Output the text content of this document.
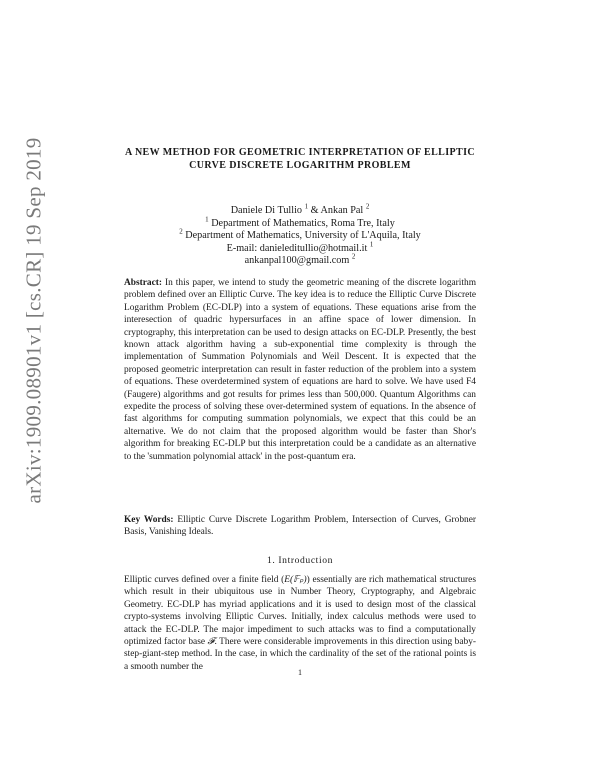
arXiv:1909.08901v1 [cs.CR] 19 Sep 2019	A NEW METHOD FOR GEOMETRIC INTERPRETATION OF ELLIPTIC
CURVE DISCRETE LOGARITHM PROBLEM
Daniele Di Tullio $^1$ & Ankan Pal $^2$
$^1$ Department of Mathematics, Roma Tre, Italy
$^2$ Department of Mathematics, University of L'Aquila, Italy
E-mail: danieleditullio@hotmail.it $^1$
ankanpal100@gmail.com $^2$
Abstract: In this paper, we intend to study the geometric meaning of the discrete logarithm problem defined over an Elliptic Curve. The key idea is to reduce the Elliptic Curve Discrete Logarithm Problem (EC-DLP) into a system of equations. These equations arise from the interesection of quadric hypersurfaces in an affine space of lower dimension. In cryptography, this interpretation can be used to design attacks on EC-DLP. Presently, the best known attack algorithm having a sub-exponential time complexity is through the implementation of Summation Polynomials and Weil Descent. It is expected that the proposed geometric interpretation can result in faster reduction of the problem into a system of equations. These overdetermined system of equations are hard to solve. We have used F4 (Faugere) algorithms and got results for primes less than 500,000. Quantum Algorithms can expedite the process of solving these over-determined system of equations. In the absence of fast algorithms for computing summation polynomials, we expect that this could be an alternative. We do not claim that the proposed algorithm would be faster than Shor's algorithm for breaking EC-DLP but this interpretation could be a candidate as an alternative to the 'summation polynomial attack' in the post-quantum era.
Key Words: Elliptic Curve Discrete Logarithm Problem, Intersection of Curves, Grobner Basis, Vanishing Ideals.
1. Introduction
Elliptic curves defined over a finite field (E(𝔽ₚ)) essentially are rich mathematical structures which result in their ubiquitous use in Number Theory, Cryptography, and Algebraic Geometry. EC-DLP has myriad applications and it is used to design most of the classical crypto-systems involving Elliptic Curves. Initially, index calculus methods were used to attack the EC-DLP. The major impediment to such attacks was to find a computationally optimized factor base 𝓕. There were considerable improvements in this direction using baby-step-giant-step method. In the case, in which the cardinality of the set of the rational points is a smooth number the
1
